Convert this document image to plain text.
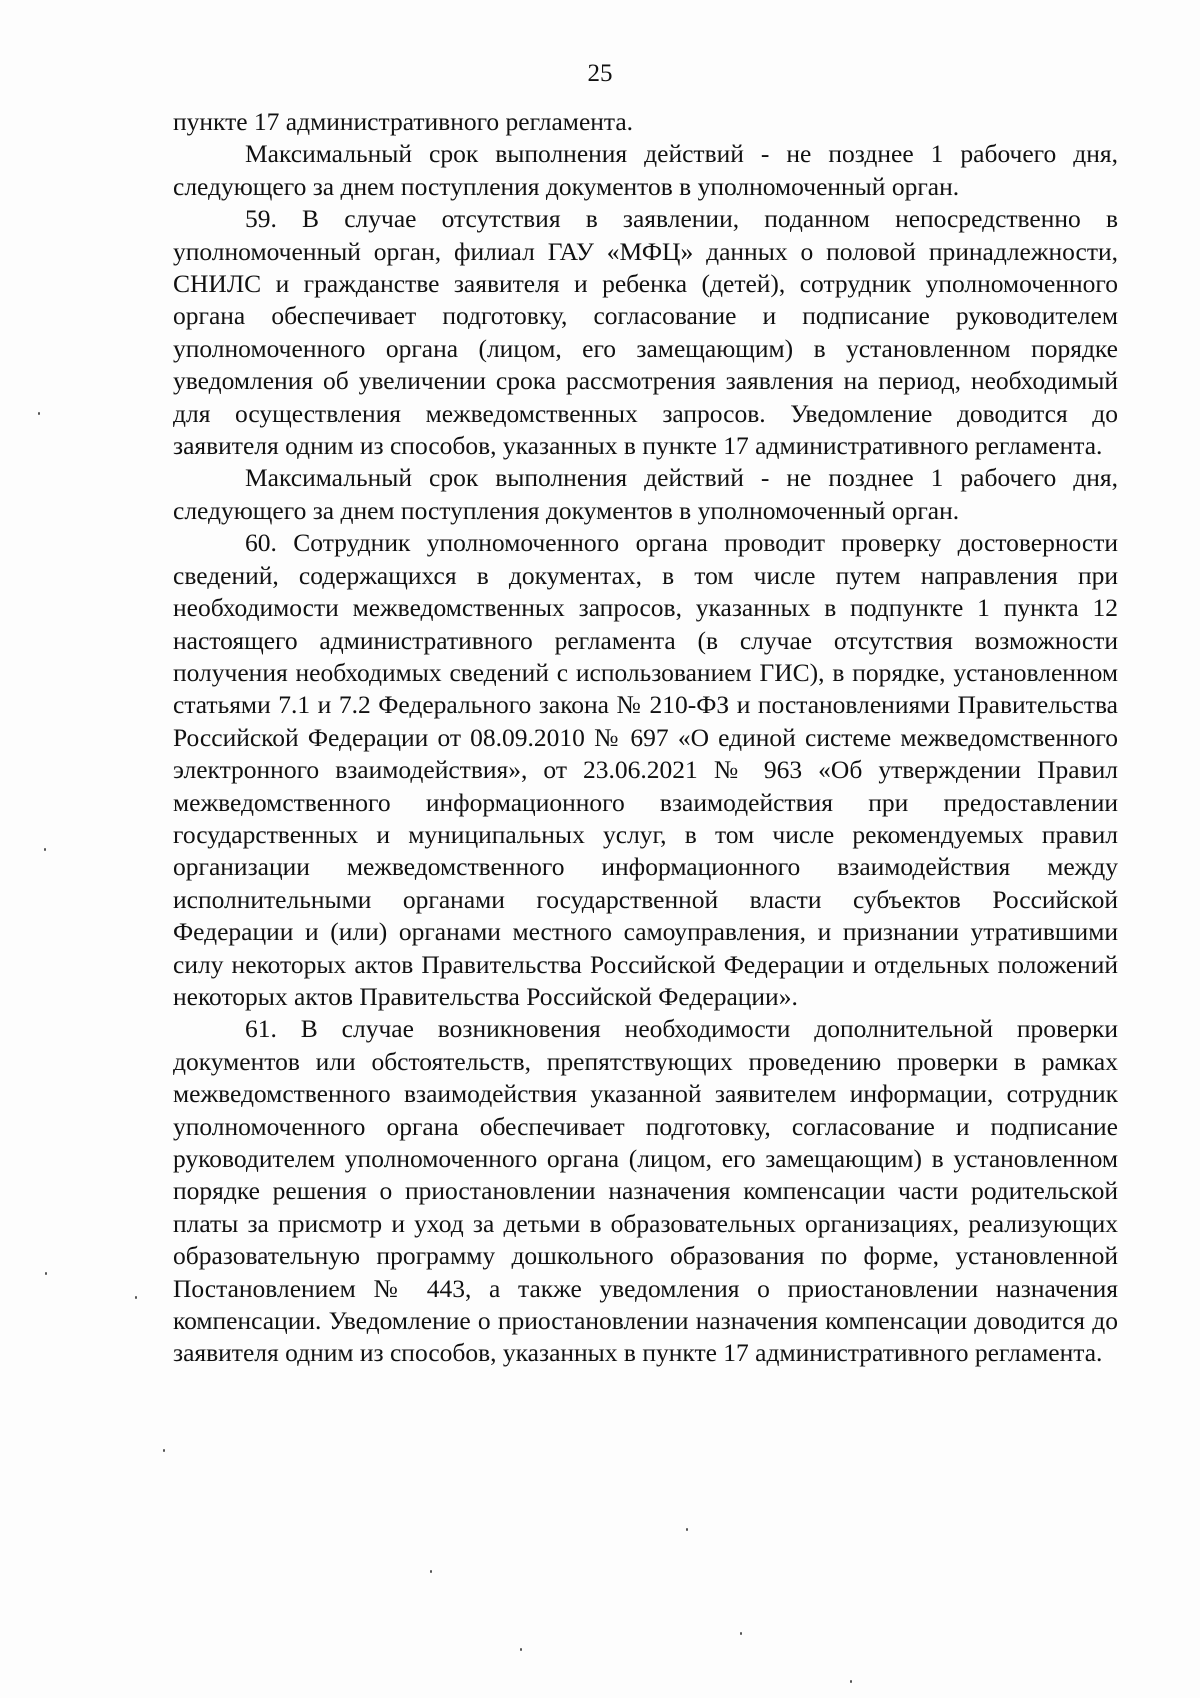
25

пункте 17 административного регламента.

Максимальный срок выполнения действий - не позднее 1 рабочего дня, следующего за днем поступления документов в уполномоченный орган.

59. В случае отсутствия в заявлении, поданном непосредственно в уполномоченный орган, филиал ГАУ «МФЦ» данных о половой принадлежности, СНИЛС и гражданстве заявителя и ребенка (детей), сотрудник уполномоченного органа обеспечивает подготовку, согласование и подписание руководителем уполномоченного органа (лицом, его замещающим) в установленном порядке уведомления об увеличении срока рассмотрения заявления на период, необходимый для осуществления межведомственных запросов. Уведомление доводится до заявителя одним из способов, указанных в пункте 17 административного регламента.

Максимальный срок выполнения действий - не позднее 1 рабочего дня, следующего за днем поступления документов в уполномоченный орган.

60. Сотрудник уполномоченного органа проводит проверку достоверности сведений, содержащихся в документах, в том числе путем направления при необходимости межведомственных запросов, указанных в подпункте 1 пункта 12 настоящего административного регламента (в случае отсутствия возможности получения необходимых сведений с использованием ГИС), в порядке, установленном статьями 7.1 и 7.2 Федерального закона № 210-ФЗ и постановлениями Правительства Российской Федерации от 08.09.2010 № 697 «О единой системе межведомственного электронного взаимодействия», от 23.06.2021 № 963 «Об утверждении Правил межведомственного информационного взаимодействия при предоставлении государственных и муниципальных услуг, в том числе рекомендуемых правил организации межведомственного информационного взаимодействия между исполнительными органами государственной власти субъектов Российской Федерации и (или) органами местного самоуправления, и признании утратившими силу некоторых актов Правительства Российской Федерации и отдельных положений некоторых актов Правительства Российской Федерации».

61. В случае возникновения необходимости дополнительной проверки документов или обстоятельств, препятствующих проведению проверки в рамках межведомственного взаимодействия указанной заявителем информации, сотрудник уполномоченного органа обеспечивает подготовку, согласование и подписание руководителем уполномоченного органа (лицом, его замещающим) в установленном порядке решения о приостановлении назначения компенсации части родительской платы за присмотр и уход за детьми в образовательных организациях, реализующих образовательную программу дошкольного образования по форме, установленной Постановлением № 443, а также уведомления о приостановлении назначения компенсации. Уведомление о приостановлении назначения компенсации доводится до заявителя одним из способов, указанных в пункте 17 административного регламента.
